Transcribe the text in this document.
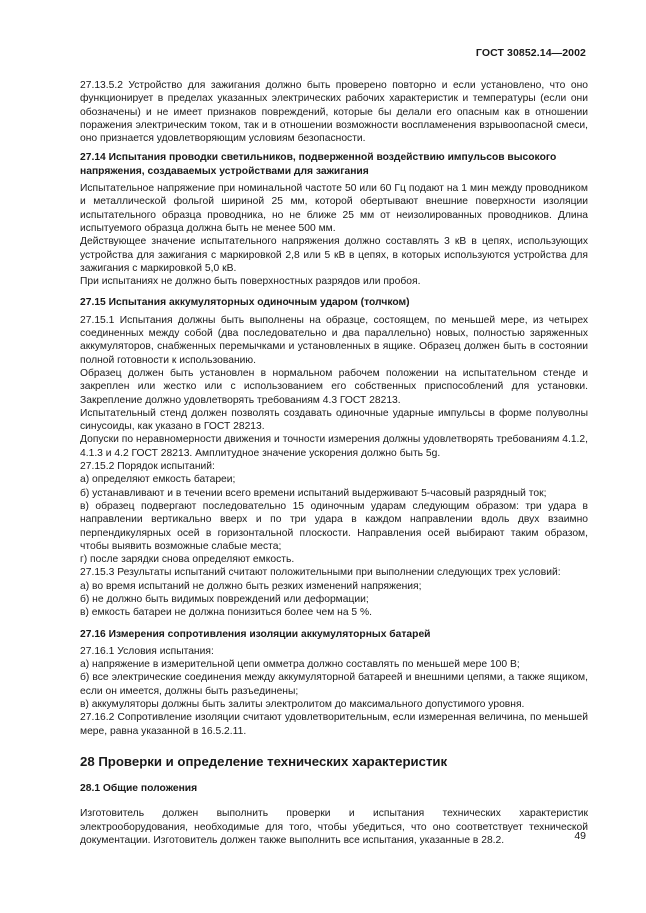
ГОСТ 30852.14—2002

27.13.5.2 Устройство для зажигания должно быть проверено повторно и если установлено, что оно функционирует в пределах указанных электрических рабочих характеристик и температуры (если они обозначены) и не имеет признаков повреждений, которые бы делали его опасным как в отношении поражения электрическим током, так и в отношении возможности воспламенения взрывоопасной смеси, оно признается удовлетворяющим условиям безопасности.

27.14 Испытания проводки светильников, подверженной воздействию импульсов высокого напряжения, создаваемых устройствами для зажигания

Испытательное напряжение при номинальной частоте 50 или 60 Гц подают на 1 мин между проводником и металлической фольгой шириной 25 мм, которой обертывают внешние поверхности изоляции испытательного образца проводника, но не ближе 25 мм от неизолированных проводников. Длина испытуемого образца должна быть не менее 500 мм.

Действующее значение испытательного напряжения должно составлять 3 кВ в цепях, использующих устройства для зажигания с маркировкой 2,8 или 5 кВ в цепях, в которых используются устройства для зажигания с маркировкой 5,0 кВ.

При испытаниях не должно быть поверхностных разрядов или пробоя.

27.15 Испытания аккумуляторных одиночным ударом (толчком)

27.15.1 Испытания должны быть выполнены на образце, состоящем, по меньшей мере, из четырех соединенных между собой (два последовательно и два параллельно) новых, полностью заряженных аккумуляторов, снабженных перемычками и установленных в ящике. Образец должен быть в состоянии полной готовности к использованию.

Образец должен быть установлен в нормальном рабочем положении на испытательном стенде и закреплен или жестко или с использованием его собственных приспособлений для установки. Закрепление должно удовлетворять требованиям 4.3 ГОСТ 28213.

Испытательный стенд должен позволять создавать одиночные ударные импульсы в форме полуволны синусоиды, как указано в ГОСТ 28213.

Допуски по неравномерности движения и точности измерения должны удовлетворять требованиям 4.1.2, 4.1.3 и 4.2 ГОСТ 28213. Амплитудное значение ускорения должно быть 5g.

27.15.2 Порядок испытаний:

а) определяют емкость батареи;

б) устанавливают и в течении всего времени испытаний выдерживают 5-часовый разрядный ток;

в) образец подвергают последовательно 15 одиночным ударам следующим образом: три удара в направлении вертикально вверх и по три удара в каждом направлении вдоль двух взаимно перпендикулярных осей в горизонтальной плоскости. Направления осей выбирают таким образом, чтобы выявить возможные слабые места;

г) после зарядки снова определяют емкость.

27.15.3 Результаты испытаний считают положительными при выполнении следующих трех условий:

а) во время испытаний не должно быть резких изменений напряжения;

б) не должно быть видимых повреждений или деформации;

в) емкость батареи не должна понизиться более чем на 5 %.

27.16 Измерения сопротивления изоляции аккумуляторных батарей

27.16.1 Условия испытания:

а) напряжение в измерительной цепи омметра должно составлять по меньшей мере 100 В;

б) все электрические соединения между аккумуляторной батареей и внешними цепями, а также ящиком, если он имеется, должны быть разъединены;

в) аккумуляторы должны быть залиты электролитом до максимального допустимого уровня.

27.16.2 Сопротивление изоляции считают удовлетворительным, если измеренная величина, по меньшей мере, равна указанной в 16.5.2.11.

28 Проверки и определение технических характеристик

28.1 Общие положения

Изготовитель должен выполнить проверки и испытания технических характеристик электрооборудования, необходимые для того, чтобы убедиться, что оно соответствует технической документации. Изготовитель должен также выполнить все испытания, указанные в 28.2.	49
